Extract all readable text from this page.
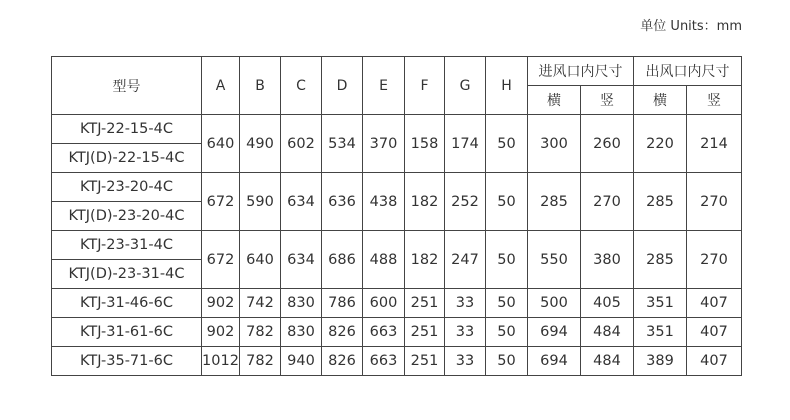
单位 Units：mm
型号	A	B	C	D	E	F	G	H	进风口内尺寸		出风口内尺寸	
									横	竖	横	竖
KTJ-22-15-4C	640	490	602	534	370	158	174	50	300	260	220	214
KTJ(D)-22-15-4C												
KTJ-23-20-4C	672	590	634	636	438	182	252	50	285	270	285	270
KTJ(D)-23-20-4C												
KTJ-23-31-4C	672	640	634	686	488	182	247	50	550	380	285	270
KTJ(D)-23-31-4C												
KTJ-31-46-6C	902	742	830	786	600	251	33	50	500	405	351	407
KTJ-31-61-6C	902	782	830	826	663	251	33	50	694	484	351	407
KTJ-35-71-6C	1012	782	940	826	663	251	33	50	694	484	389	407
